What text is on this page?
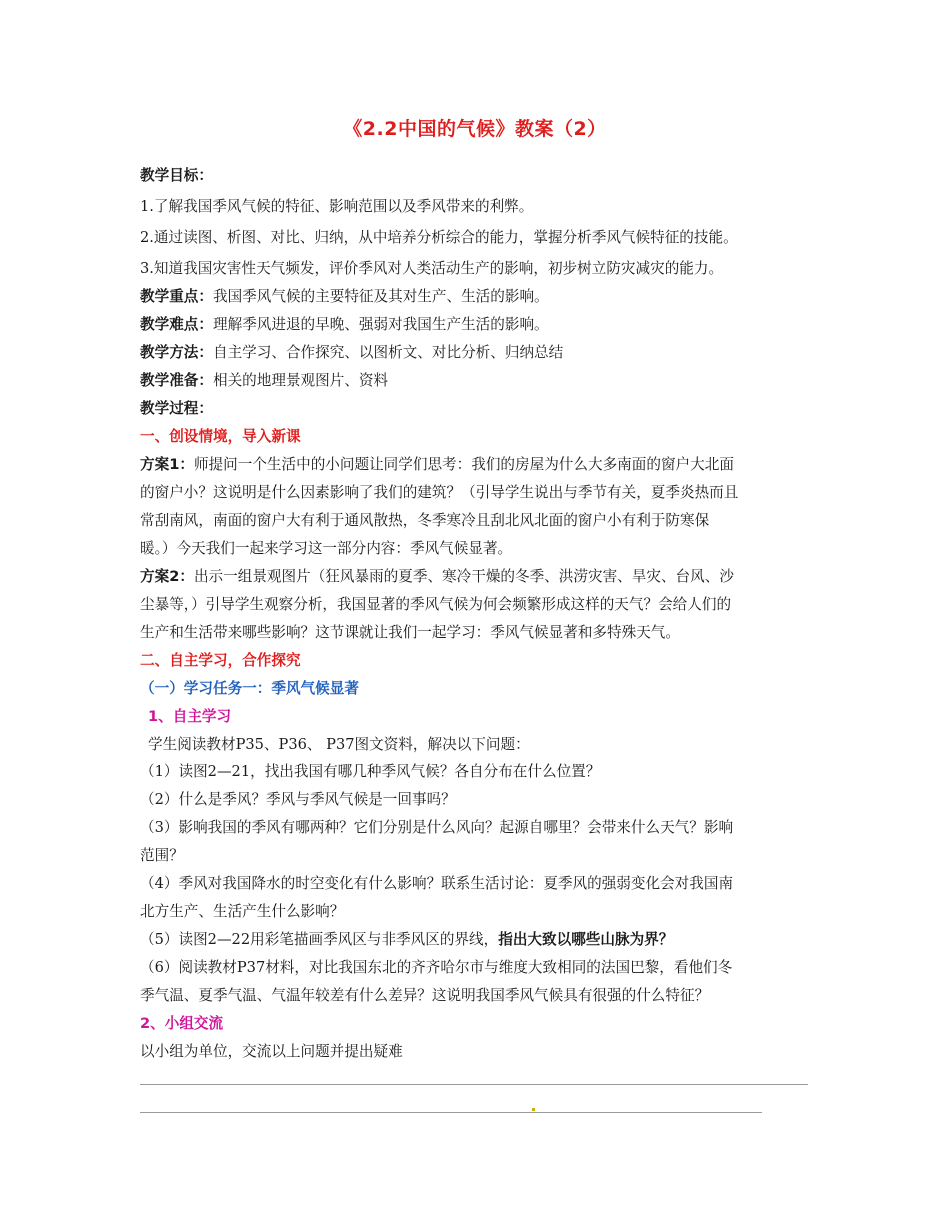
《2.2中国的气候》教案（2）
教学目标：
1.了解我国季风气候的特征、影响范围以及季风带来的利弊。
2.通过读图、析图、对比、归纳，从中培养分析综合的能力，掌握分析季风气候特征的技能。
3.知道我国灾害性天气频发，评价季风对人类活动生产的影响，初步树立防灾减灾的能力。
教学重点：我国季风气候的主要特征及其对生产、生活的影响。
教学难点：理解季风进退的早晚、强弱对我国生产生活的影响。
教学方法：自主学习、合作探究、以图析文、对比分析、归纳总结
教学准备：相关的地理景观图片、资料
教学过程：
一、创设情境，导入新课
方案1：师提问一个生活中的小问题让同学们思考：我们的房屋为什么大多南面的窗户大北面
的窗户小？这说明是什么因素影响了我们的建筑？（引导学生说出与季节有关，夏季炎热而且
常刮南风，南面的窗户大有利于通风散热，冬季寒冷且刮北风北面的窗户小有利于防寒保
暖。）今天我们一起来学习这一部分内容：季风气候显著。
方案2：出示一组景观图片（狂风暴雨的夏季、寒冷干燥的冬季、洪涝灾害、旱灾、台风、沙
尘暴等，）引导学生观察分析，我国显著的季风气候为何会频繁形成这样的天气？会给人们的
生产和生活带来哪些影响？这节课就让我们一起学习：季风气候显著和多特殊天气。
二、自主学习，合作探究
（一）学习任务一：季风气候显著
1、自主学习
学生阅读教材P35、P36、 P37图文资料，解决以下问题：
（1）读图2—21，找出我国有哪几种季风气候？各自分布在什么位置？
（2）什么是季风？季风与季风气候是一回事吗？
（3）影响我国的季风有哪两种？它们分别是什么风向？起源自哪里？会带来什么天气？影响
范围？
（4）季风对我国降水的时空变化有什么影响？联系生活讨论：夏季风的强弱变化会对我国南
北方生产、生活产生什么影响？
（5）读图2—22用彩笔描画季风区与非季风区的界线，指出大致以哪些山脉为界？
（6）阅读教材P37材料，对比我国东北的齐齐哈尔市与维度大致相同的法国巴黎，看他们冬
季气温、夏季气温、气温年较差有什么差异？这说明我国季风气候具有很强的什么特征？
2、小组交流
以小组为单位，交流以上问题并提出疑难
